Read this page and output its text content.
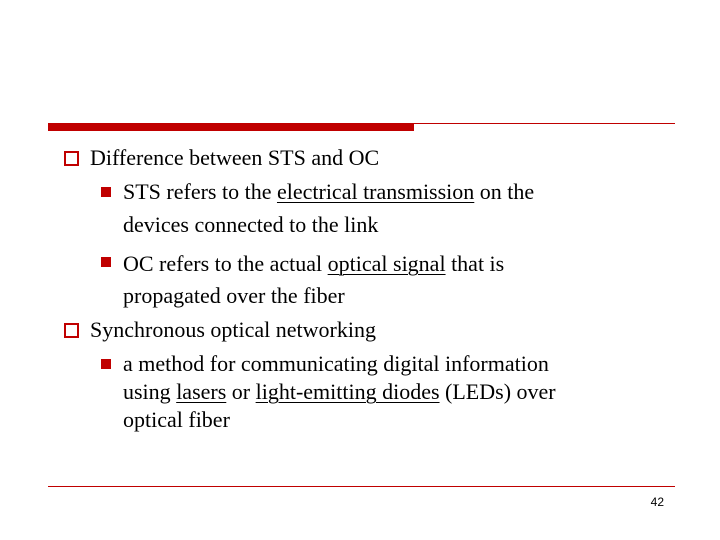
Difference between STS and OC
STS refers to the electrical transmission on the
devices connected to the link
OC refers to the actual optical signal that is
propagated over the fiber
Synchronous optical networking
a method for communicating digital information
using lasers or light-emitting diodes (LEDs) over
optical fiber
42
